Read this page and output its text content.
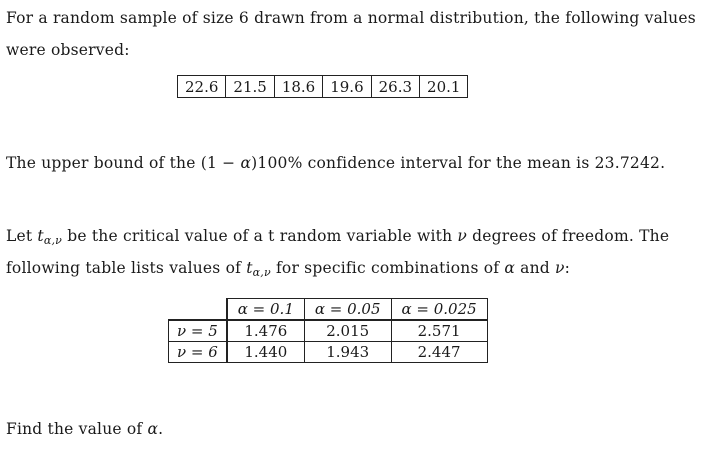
For a random sample of size 6 drawn from a normal distribution, the following values
were observed:
22.6	21.5	18.6	19.6	26.3	20.1
The upper bound of the (1 − α)100% confidence interval for the mean is 23.7242.
Let tα,ν be the critical value of a t random variable with ν degrees of freedom. The
following table lists values of tα,ν for specific combinations of α and ν:
	α = 0.1	α = 0.05	α = 0.025
ν = 5	1.476	2.015	2.571
ν = 6	1.440	1.943	2.447
Find the value of α.
